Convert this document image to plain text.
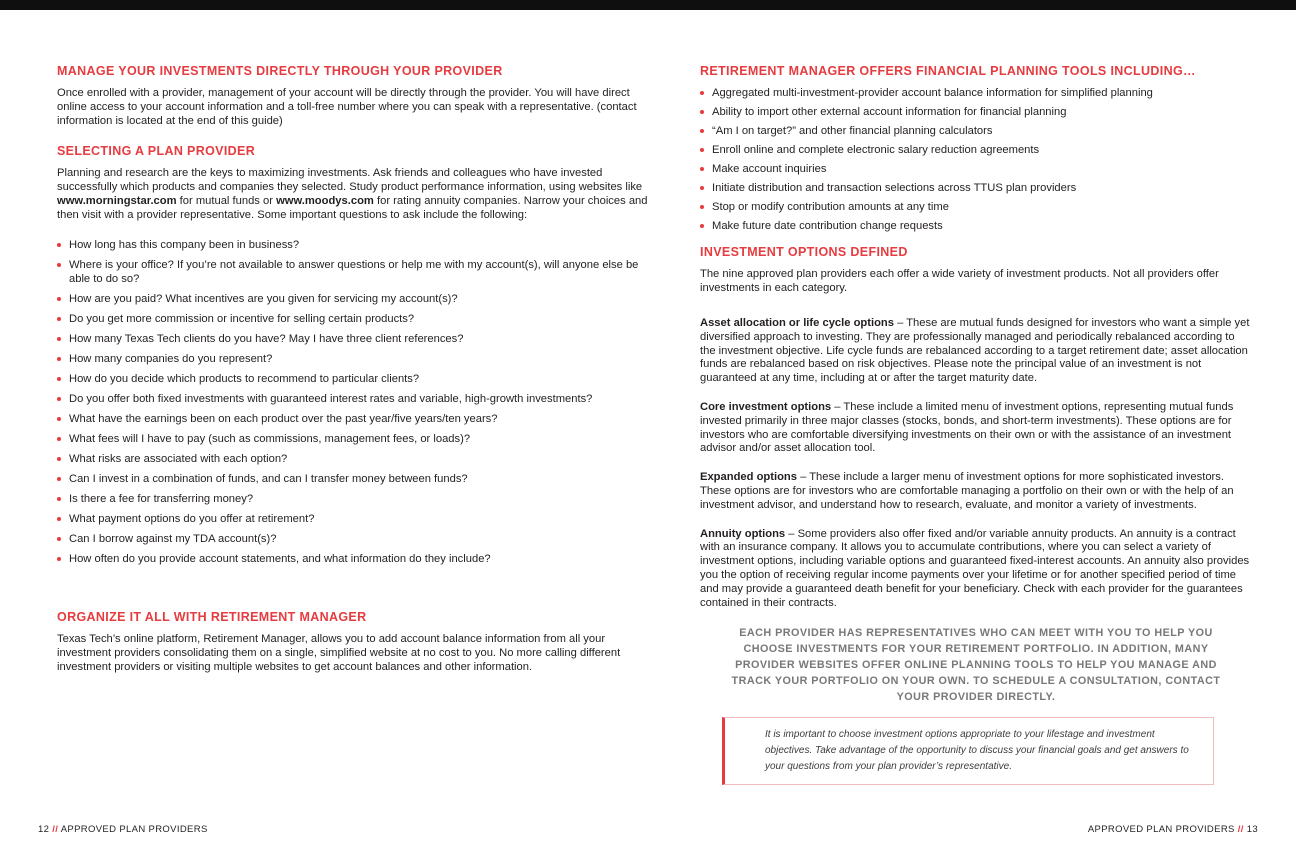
MANAGE YOUR INVESTMENTS DIRECTLY THROUGH YOUR PROVIDER

Once enrolled with a provider, management of your account will be directly through the provider. You will have direct online access to your account information and a toll-free number where you can speak with a representative. (contact information is located at the end of this guide)

SELECTING A PLAN PROVIDER

Planning and research are the keys to maximizing investments. Ask friends and colleagues who have invested successfully which products and companies they selected. Study product performance information, using websites like www.morningstar.com for mutual funds or www.moodys.com for rating annuity companies. Narrow your choices and then visit with a provider representative. Some important questions to ask include the following:

How long has this company been in business?
Where is your office? If you’re not available to answer questions or help me with my account(s), will anyone else be able to do so?
How are you paid? What incentives are you given for servicing my account(s)?
Do you get more commission or incentive for selling certain products?
How many Texas Tech clients do you have? May I have three client references?
How many companies do you represent?
How do you decide which products to recommend to particular clients?
Do you offer both fixed investments with guaranteed interest rates and variable, high-growth investments?
What have the earnings been on each product over the past year/five years/ten years?
What fees will I have to pay (such as commissions, management fees, or loads)?
What risks are associated with each option?
Can I invest in a combination of funds, and can I transfer money between funds?
Is there a fee for transferring money?
What payment options do you offer at retirement?
Can I borrow against my TDA account(s)?
How often do you provide account statements, and what information do they include?
ORGANIZE IT ALL WITH RETIREMENT MANAGER

Texas Tech’s online platform, Retirement Manager, allows you to add account balance information from all your investment providers consolidating them on a single, simplified website at no cost to you. No more calling different investment providers or visiting multiple websites to get account balances and other information.

RETIREMENT MANAGER OFFERS FINANCIAL PLANNING TOOLS INCLUDING…
Aggregated multi-investment-provider account balance information for simplified planning
Ability to import other external account information for financial planning
“Am I on target?” and other financial planning calculators
Enroll online and complete electronic salary reduction agreements
Make account inquiries
Initiate distribution and transaction selections across TTUS plan providers
Stop or modify contribution amounts at any time
Make future date contribution change requests
INVESTMENT OPTIONS DEFINED

The nine approved plan providers each offer a wide variety of investment products. Not all providers offer investments in each category.

Asset allocation or life cycle options – These are mutual funds designed for investors who want a simple yet diversified approach to investing. They are professionally managed and periodically rebalanced according to the investment objective. Life cycle funds are rebalanced according to a target retirement date; asset allocation funds are rebalanced based on risk objectives. Please note the principal value of an investment is not guaranteed at any time, including at or after the target maturity date.

Core investment options – These include a limited menu of investment options, representing mutual funds invested primarily in three major classes (stocks, bonds, and short-term investments). These options are for investors who are comfortable diversifying investments on their own or with the assistance of an investment advisor and/or asset allocation tool.

Expanded options – These include a larger menu of investment options for more sophisticated investors. These options are for investors who are comfortable managing a portfolio on their own or with the help of an investment advisor, and understand how to research, evaluate, and monitor a variety of investments.

Annuity options – Some providers also offer fixed and/or variable annuity products. An annuity is a contract with an insurance company. It allows you to accumulate contributions, where you can select a variety of investment options, including variable options and guaranteed fixed-interest accounts. An annuity also provides you the option of receiving regular income payments over your lifetime or for another specified period of time and may provide a guaranteed death benefit for your beneficiary. Check with each provider for the guarantees contained in their contracts.

EACH PROVIDER HAS REPRESENTATIVES WHO CAN MEET WITH YOU TO HELP YOU CHOOSE INVESTMENTS FOR YOUR RETIREMENT PORTFOLIO. IN ADDITION, MANY PROVIDER WEBSITES OFFER ONLINE PLANNING TOOLS TO HELP YOU MANAGE AND TRACK YOUR PORTFOLIO ON YOUR OWN. TO SCHEDULE A CONSULTATION, CONTACT YOUR PROVIDER DIRECTLY.

It is important to choose investment options appropriate to your lifestage and investment objectives. Take advantage of the opportunity to discuss your financial goals and get answers to your questions from your plan provider’s representative.

12 // APPROVED PLAN PROVIDERS	APPROVED PLAN PROVIDERS // 13
